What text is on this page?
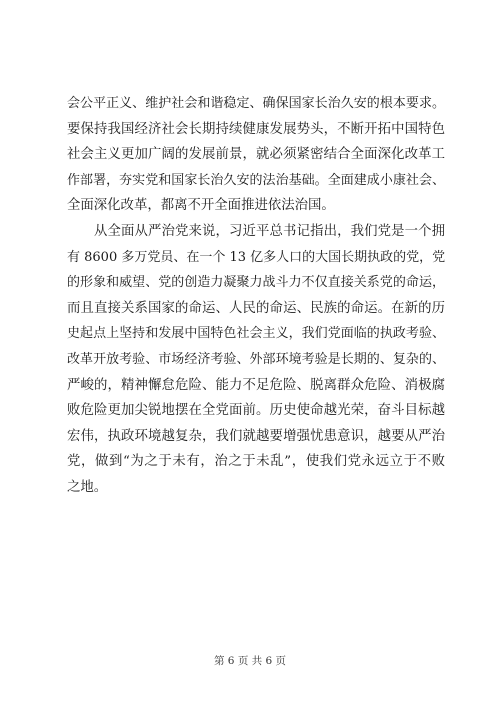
会公平正义、维护社会和谐稳定、确保国家长治久安的根本要求。
要保持我国经济社会长期持续健康发展势头，不断开拓中国特色
社会主义更加广阔的发展前景，就必须紧密结合全面深化改革工
作部署，夯实党和国家长治久安的法治基础。全面建成小康社会、
全面深化改革，都离不开全面推进依法治国。
从全面从严治党来说，习近平总书记指出，我们党是一个拥
有 8600 多万党员、在一个 13 亿多人口的大国长期执政的党，党
的形象和威望、党的创造力凝聚力战斗力不仅直接关系党的命运，
而且直接关系国家的命运、人民的命运、民族的命运。在新的历
史起点上坚持和发展中国特色社会主义，我们党面临的执政考验、
改革开放考验、市场经济考验、外部环境考验是长期的、复杂的、
严峻的，精神懈怠危险、能力不足危险、脱离群众危险、消极腐
败危险更加尖锐地摆在全党面前。历史使命越光荣，奋斗目标越
宏伟，执政环境越复杂，我们就越要增强忧患意识，越要从严治
党，做到“为之于未有，治之于未乱”，使我们党永远立于不败
之地。
第 6 页 共 6 页
